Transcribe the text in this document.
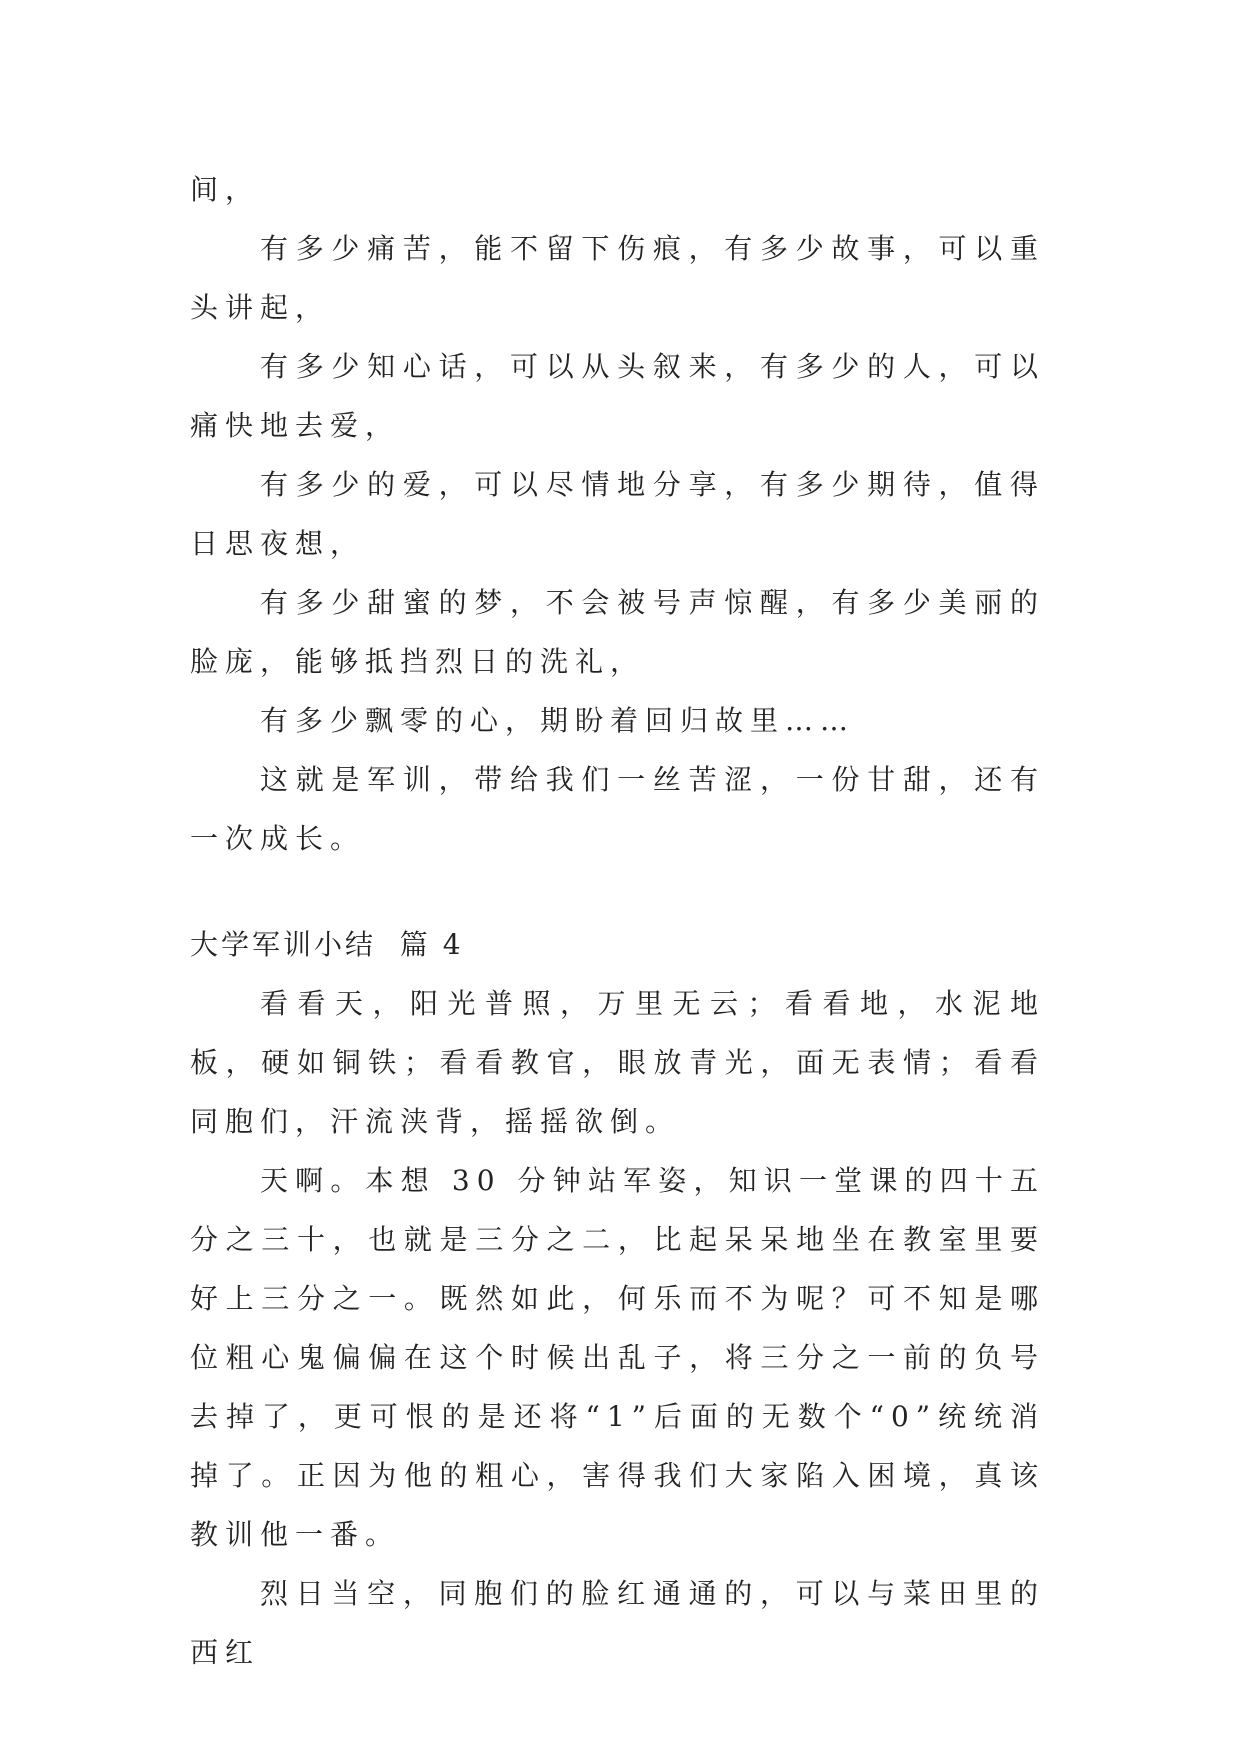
间，

有多少痛苦，能不留下伤痕，有多少故事，可以重头讲起，

有多少知心话，可以从头叙来，有多少的人，可以痛快地去爱，

有多少的爱，可以尽情地分享，有多少期待，值得日思夜想，

有多少甜蜜的梦，不会被号声惊醒，有多少美丽的脸庞，能够抵挡烈日的洗礼，

有多少飘零的心，期盼着回归故里……

这就是军训，带给我们一丝苦涩，一份甘甜，还有一次成长。

大学军训小结  篇 4

看看天，阳光普照，万里无云；看看地，水泥地板，硬如铜铁；看看教官，眼放青光，面无表情；看看同胞们，汗流浃背，摇摇欲倒。

天啊。本想 30 分钟站军姿，知识一堂课的四十五分之三十，也就是三分之二，比起呆呆地坐在教室里要好上三分之一。既然如此，何乐而不为呢？可不知是哪位粗心鬼偏偏在这个时候出乱子，将三分之一前的负号去掉了，更可恨的是还将“1”后面的无数个“0”统统消掉了。正因为他的粗心，害得我们大家陷入困境，真该教训他一番。

烈日当空，同胞们的脸红通通的，可以与菜田里的西红
